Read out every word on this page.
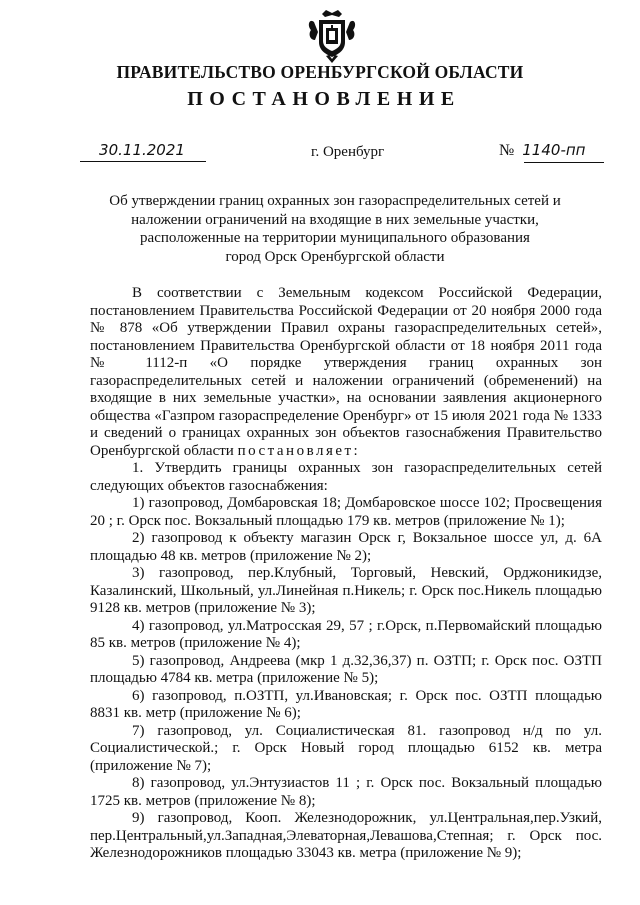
ПРАВИТЕЛЬСТВО ОРЕНБУРГСКОЙ ОБЛАСТИ
ПОСТАНОВЛЕНИЕ
30.11.2021	г. Оренбург	№ 1140-пп
Об утверждении границ охранных зон газораспределительных сетей и
наложении ограничений на входящие в них земельные участки,
расположенные на территории муниципального образования
город Орск Оренбургской области

В соответствии с Земельным кодексом Российской Федерации, постановлением Правительства Российской Федерации от 20 ноября 2000 года № 878 «Об утверждении Правил охраны газораспределительных сетей», постановлением Правительства Оренбургской области от 18 ноября 2011 года № 1112-п «О порядке утверждения границ охранных зон газораспределительных сетей и наложении ограничений (обременений) на входящие в них земельные участки», на основании заявления акционерного общества «Газпром газораспределение Оренбург» от 15 июля 2021 года № 1333 и сведений о границах охранных зон объектов газоснабжения Правительство Оренбургской области постановляет:

1. Утвердить границы охранных зон газораспределительных сетей следующих объектов газоснабжения:

1) газопровод, Домбаровская 18; Домбаровское шоссе 102; Просвещения 20 ; г. Орск пос. Вокзальный площадью 179 кв. метров (приложение № 1);

2) газопровод к объекту магазин Орск г, Вокзальное шоссе ул, д. 6А площадью 48 кв. метров (приложение № 2);

3) газопровод, пер.Клубный, Торговый, Невский, Орджоникидзе, Казалинский, Школьный, ул.Линейная п.Никель; г. Орск пос.Никель площадью 9128 кв. метров (приложение № 3);

4) газопровод, ул.Матросская 29, 57 ; г.Орск, п.Первомайский площадью 85 кв. метров (приложение № 4);

5) газопровод, Андреева (мкр 1 д.32,36,37) п. ОЗТП; г. Орск пос. ОЗТП площадью 4784 кв. метра (приложение № 5);

6) газопровод, п.ОЗТП, ул.Ивановская; г. Орск пос. ОЗТП площадью 8831 кв. метр (приложение № 6);

7) газопровод, ул. Социалистическая 81. газопровод н/д по ул. Социалистической.; г. Орск Новый город площадью 6152 кв. метра (приложение № 7);

8) газопровод, ул.Энтузиастов 11 ; г. Орск пос. Вокзальный площадью 1725 кв. метров (приложение № 8);

9) газопровод, Кооп. Железнодорожник, ул.Центральная,пер.Узкий, пер.Центральный,ул.Западная,Элеваторная,Левашова,Степная; г. Орск пос. Железнодорожников площадью 33043 кв. метра (приложение № 9);
